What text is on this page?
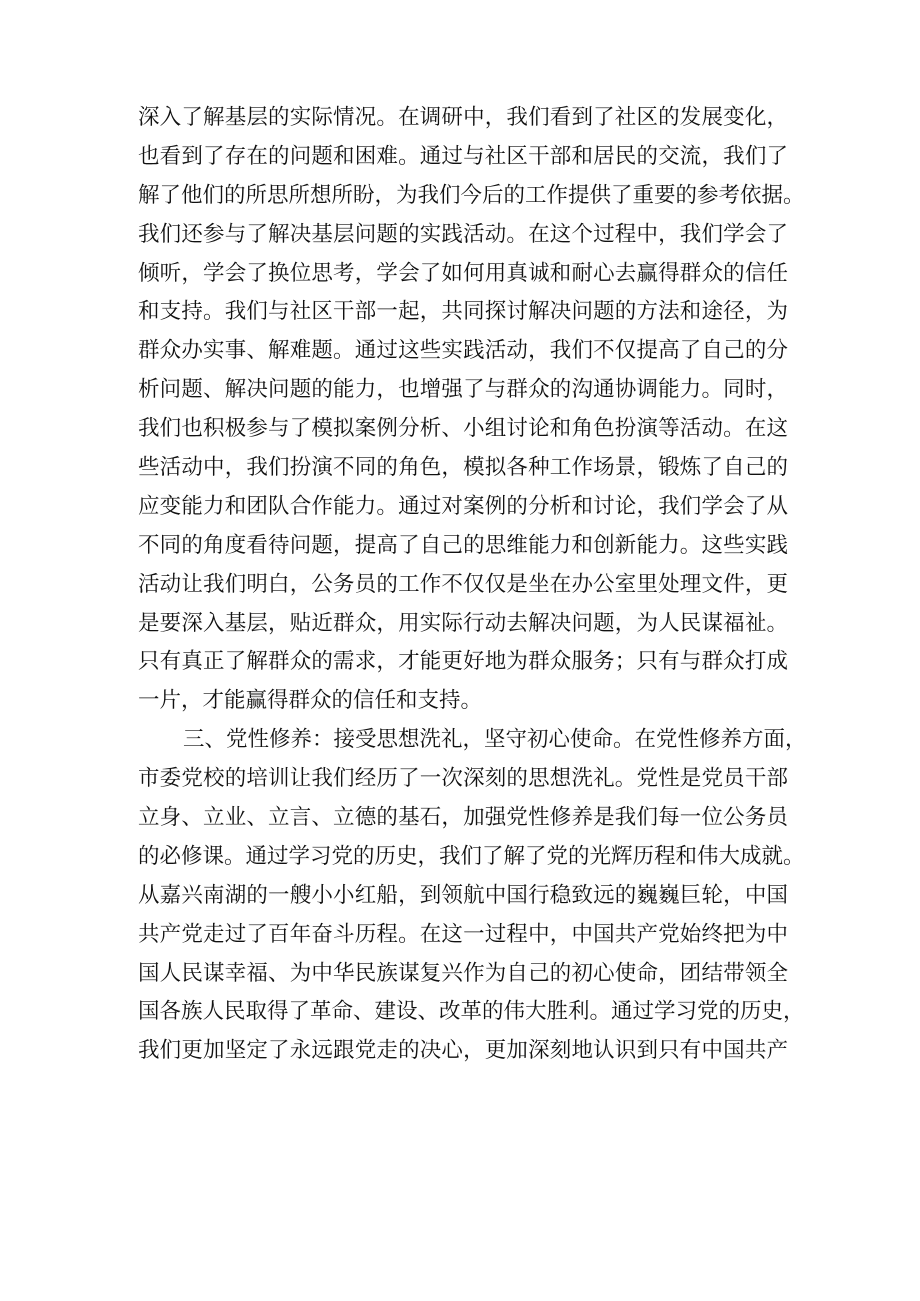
深入了解基层的实际情况。在调研中，我们看到了社区的发展变化，
也看到了存在的问题和困难。通过与社区干部和居民的交流，我们了
解了他们的所思所想所盼，为我们今后的工作提供了重要的参考依据。
我们还参与了解决基层问题的实践活动。在这个过程中，我们学会了
倾听，学会了换位思考，学会了如何用真诚和耐心去赢得群众的信任
和支持。我们与社区干部一起，共同探讨解决问题的方法和途径，为
群众办实事、解难题。通过这些实践活动，我们不仅提高了自己的分
析问题、解决问题的能力，也增强了与群众的沟通协调能力。同时，
我们也积极参与了模拟案例分析、小组讨论和角色扮演等活动。在这
些活动中，我们扮演不同的角色，模拟各种工作场景，锻炼了自己的
应变能力和团队合作能力。通过对案例的分析和讨论，我们学会了从
不同的角度看待问题，提高了自己的思维能力和创新能力。这些实践
活动让我们明白，公务员的工作不仅仅是坐在办公室里处理文件，更
是要深入基层，贴近群众，用实际行动去解决问题，为人民谋福祉。
只有真正了解群众的需求，才能更好地为群众服务；只有与群众打成
一片，才能赢得群众的信任和支持。
三、党性修养：接受思想洗礼，坚守初心使命。在党性修养方面，
市委党校的培训让我们经历了一次深刻的思想洗礼。党性是党员干部
立身、立业、立言、立德的基石，加强党性修养是我们每一位公务员
的必修课。通过学习党的历史，我们了解了党的光辉历程和伟大成就。
从嘉兴南湖的一艘小小红船，到领航中国行稳致远的巍巍巨轮，中国
共产党走过了百年奋斗历程。在这一过程中，中国共产党始终把为中
国人民谋幸福、为中华民族谋复兴作为自己的初心使命，团结带领全
国各族人民取得了革命、建设、改革的伟大胜利。通过学习党的历史，
我们更加坚定了永远跟党走的决心，更加深刻地认识到只有中国共产
